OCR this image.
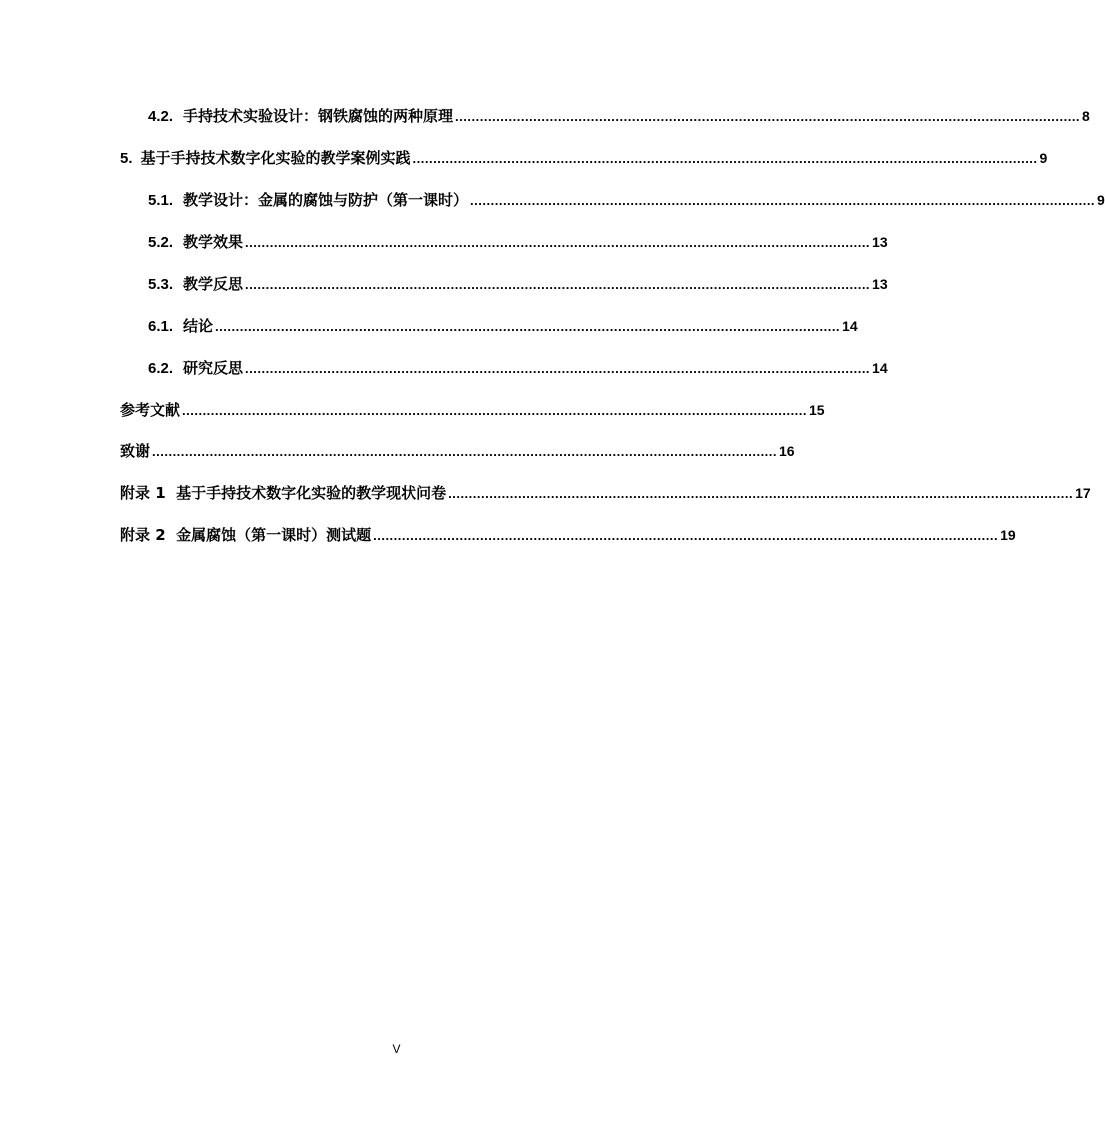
4.2. 手持技术实验设计：钢铁腐蚀的两种原理 ........................................................................................................................................................ 8
5. 基于手持技术数字化实验的教学案例实践 ........................................................................................................................................................ 9
5.1. 教学设计：金属的腐蚀与防护（第一课时） ........................................................................................................................................................ 9
5.2. 教学效果 ........................................................................................................................................................ 13
5.3. 教学反思 ........................................................................................................................................................ 13
6.1. 结论 ........................................................................................................................................................ 14
6.2. 研究反思 ........................................................................................................................................................ 14
参考文献 ........................................................................................................................................................ 15
致谢 ........................................................................................................................................................ 16
附录 1  基于手持技术数字化实验的教学现状问卷 ........................................................................................................................................................ 17
附录 2  金属腐蚀（第一课时）测试题 ........................................................................................................................................................ 19
V
